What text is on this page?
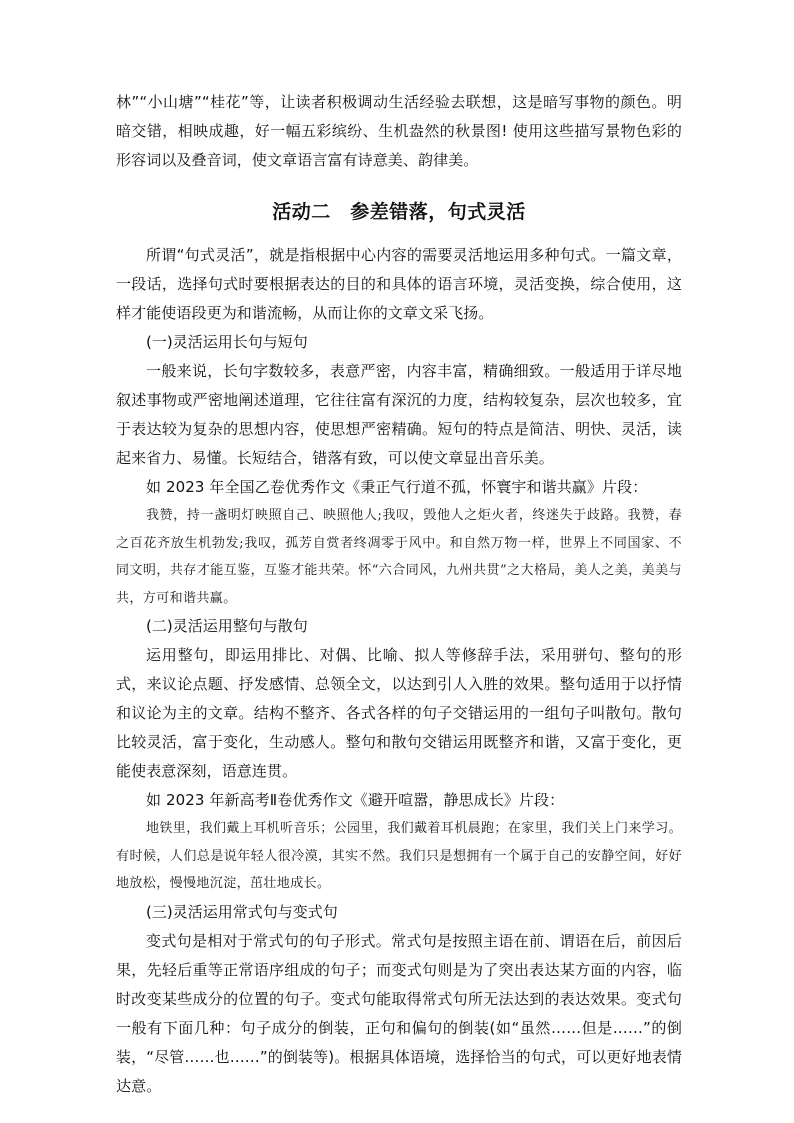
林”“小山塘”“桂花”等，让读者积极调动生活经验去联想，这是暗写事物的颜色。明暗交错，相映成趣，好一幅五彩缤纷、生机盎然的秋景图! 使用这些描写景物色彩的形容词以及叠音词，使文章语言富有诗意美、韵律美。

活动二　参差错落，句式灵活

所谓“句式灵活”，就是指根据中心内容的需要灵活地运用多种句式。一篇文章，一段话，选择句式时要根据表达的目的和具体的语言环境，灵活变换，综合使用，这样才能使语段更为和谐流畅，从而让你的文章文采飞扬。

(一)灵活运用长句与短句

一般来说，长句字数较多，表意严密，内容丰富，精确细致。一般适用于详尽地叙述事物或严密地阐述道理，它往往富有深沉的力度，结构较复杂，层次也较多，宜于表达较为复杂的思想内容，使思想严密精确。短句的特点是简洁、明快、灵活，读起来省力、易懂。长短结合，错落有致，可以使文章显出音乐美。

如 2023 年全国乙卷优秀作文《秉正气行道不孤，怀寰宇和谐共赢》片段：

我赞，持一盏明灯映照自己、映照他人;我叹，毁他人之炬火者，终迷失于歧路。我赞，春之百花齐放生机勃发;我叹，孤芳自赏者终凋零于风中。和自然万物一样，世界上不同国家、不同文明，共存才能互鉴，互鉴才能共荣。怀“六合同风，九州共贯”之大格局，美人之美，美美与共，方可和谐共赢。

(二)灵活运用整句与散句

运用整句，即运用排比、对偶、比喻、拟人等修辞手法，采用骈句、整句的形式，来议论点题、抒发感情、总领全文，以达到引人入胜的效果。整句适用于以抒情和议论为主的文章。结构不整齐、各式各样的句子交错运用的一组句子叫散句。散句比较灵活，富于变化，生动感人。整句和散句交错运用既整齐和谐，又富于变化，更能使表意深刻，语意连贯。

如 2023 年新高考Ⅱ卷优秀作文《避开喧嚣，静思成长》片段：

地铁里，我们戴上耳机听音乐；公园里，我们戴着耳机晨跑；在家里，我们关上门来学习。有时候，人们总是说年轻人很冷漠，其实不然。我们只是想拥有一个属于自己的安静空间，好好地放松，慢慢地沉淀，茁壮地成长。

(三)灵活运用常式句与变式句

变式句是相对于常式句的句子形式。常式句是按照主语在前、谓语在后，前因后果，先轻后重等正常语序组成的句子；而变式句则是为了突出表达某方面的内容，临时改变某些成分的位置的句子。变式句能取得常式句所无法达到的表达效果。变式句一般有下面几种：句子成分的倒装，正句和偏句的倒装(如“虽然……但是……”的倒装，“尽管……也……”的倒装等)。根据具体语境，选择恰当的句式，可以更好地表情达意。
